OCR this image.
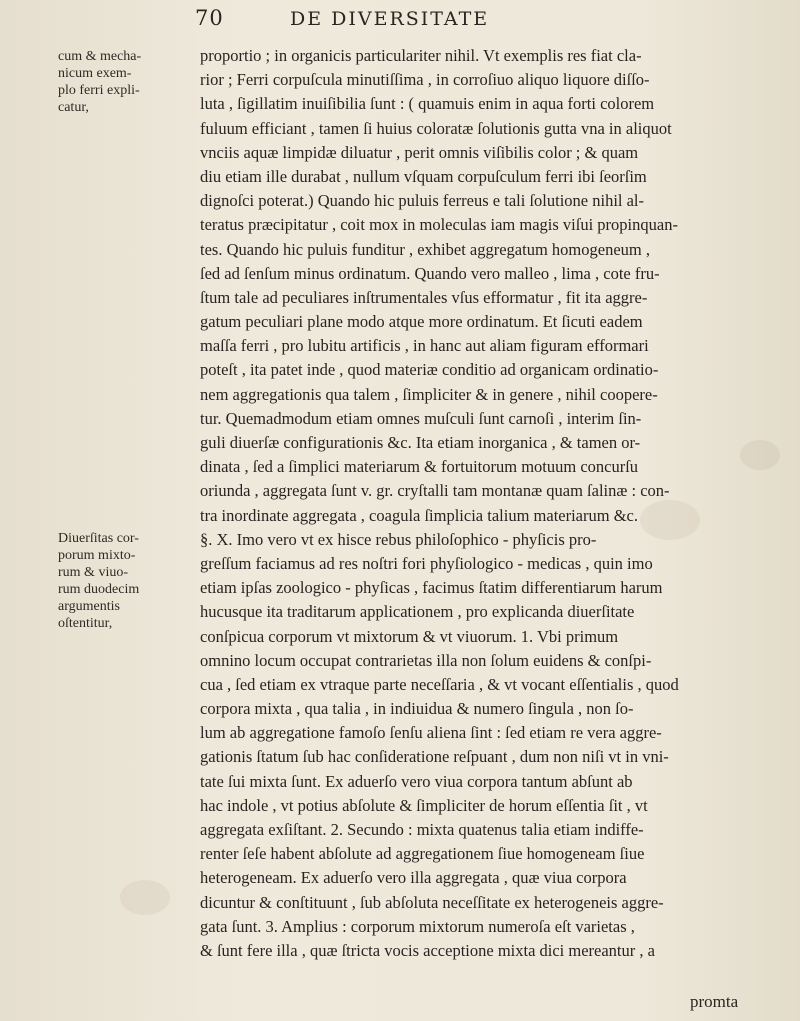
70	DE DIVERSITATE
cum & mecha-
nicum exem-
plo ferri expli-
catur,
Diuerſitas cor-
porum mixto-
rum & viuo-
rum duodecim
argumentis
oſtentitur,
proportio ; in organicis particulariter nihil. Vt exemplis res fiat cla-
rior ; Ferri corpuſcula minutiſſima , in corroſiuo aliquo liquore diſſo-
luta , ſigillatim inuiſibilia ſunt : ( quamuis enim in aqua forti colorem
fuluum efficiant , tamen ſi huius coloratæ ſolutionis gutta vna in aliquot
vnciis aquæ limpidæ diluatur , perit omnis viſibilis color ; & quam
diu etiam ille durabat , nullum vſquam corpuſculum ferri ibi ſeorſim
dignoſci poterat.) Quando hic puluis ferreus e tali ſolutione nihil al-
teratus præcipitatur , coit mox in moleculas iam magis viſui propinquan-
tes. Quando hic puluis funditur , exhibet aggregatum homogeneum ,
ſed ad ſenſum minus ordinatum. Quando vero malleo , lima , cote fru-
ſtum tale ad peculiares inſtrumentales vſus efformatur , fit ita aggre-
gatum peculiari plane modo atque more ordinatum. Et ſicuti eadem
maſſa ferri , pro lubitu artificis , in hanc aut aliam figuram efformari
poteſt , ita patet inde , quod materiæ conditio ad organicam ordinatio-
nem aggregationis qua talem , ſimpliciter & in genere , nihil coopere-
tur. Quemadmodum etiam omnes muſculi ſunt carnoſi , interim ſin-
guli diuerſæ configurationis &c. Ita etiam inorganica , & tamen or-
dinata , ſed a ſimplici materiarum & fortuitorum motuum concurſu
oriunda , aggregata ſunt v. gr. cryſtalli tam montanæ quam ſalinæ : con-
tra inordinate aggregata , coagula ſimplicia talium materiarum &c.
§. X. Imo vero vt ex hisce rebus philoſophico - phyſicis pro-
greſſum faciamus ad res noſtri fori phyſiologico - medicas , quin imo
etiam ipſas zoologico - phyſicas , facimus ſtatim differentiarum harum
hucusque ita traditarum applicationem , pro explicanda diuerſitate
conſpicua corporum vt mixtorum & vt viuorum. 1. Vbi primum
omnino locum occupat contrarietas illa non ſolum euidens & conſpi-
cua , ſed etiam ex vtraque parte neceſſaria , & vt vocant eſſentialis , quod
corpora mixta , qua talia , in indiuidua & numero ſingula , non ſo-
lum ab aggregatione famoſo ſenſu aliena ſint : ſed etiam re vera aggre-
gationis ſtatum ſub hac conſideratione reſpuant , dum non niſi vt in vni-
tate ſui mixta ſunt. Ex aduerſo vero viua corpora tantum abſunt ab
hac indole , vt potius abſolute & ſimpliciter de horum eſſentia ſit , vt
aggregata exſiſtant. 2. Secundo : mixta quatenus talia etiam indiffe-
renter ſeſe habent abſolute ad aggregationem ſiue homogeneam ſiue
heterogeneam. Ex aduerſo vero illa aggregata , quæ viua corpora
dicuntur & conſtituunt , ſub abſoluta neceſſitate ex heterogeneis aggre-
gata ſunt. 3. Amplius : corporum mixtorum numeroſa eſt varietas ,
& ſunt fere illa , quæ ſtricta vocis acceptione mixta dici mereantur , a
promta
